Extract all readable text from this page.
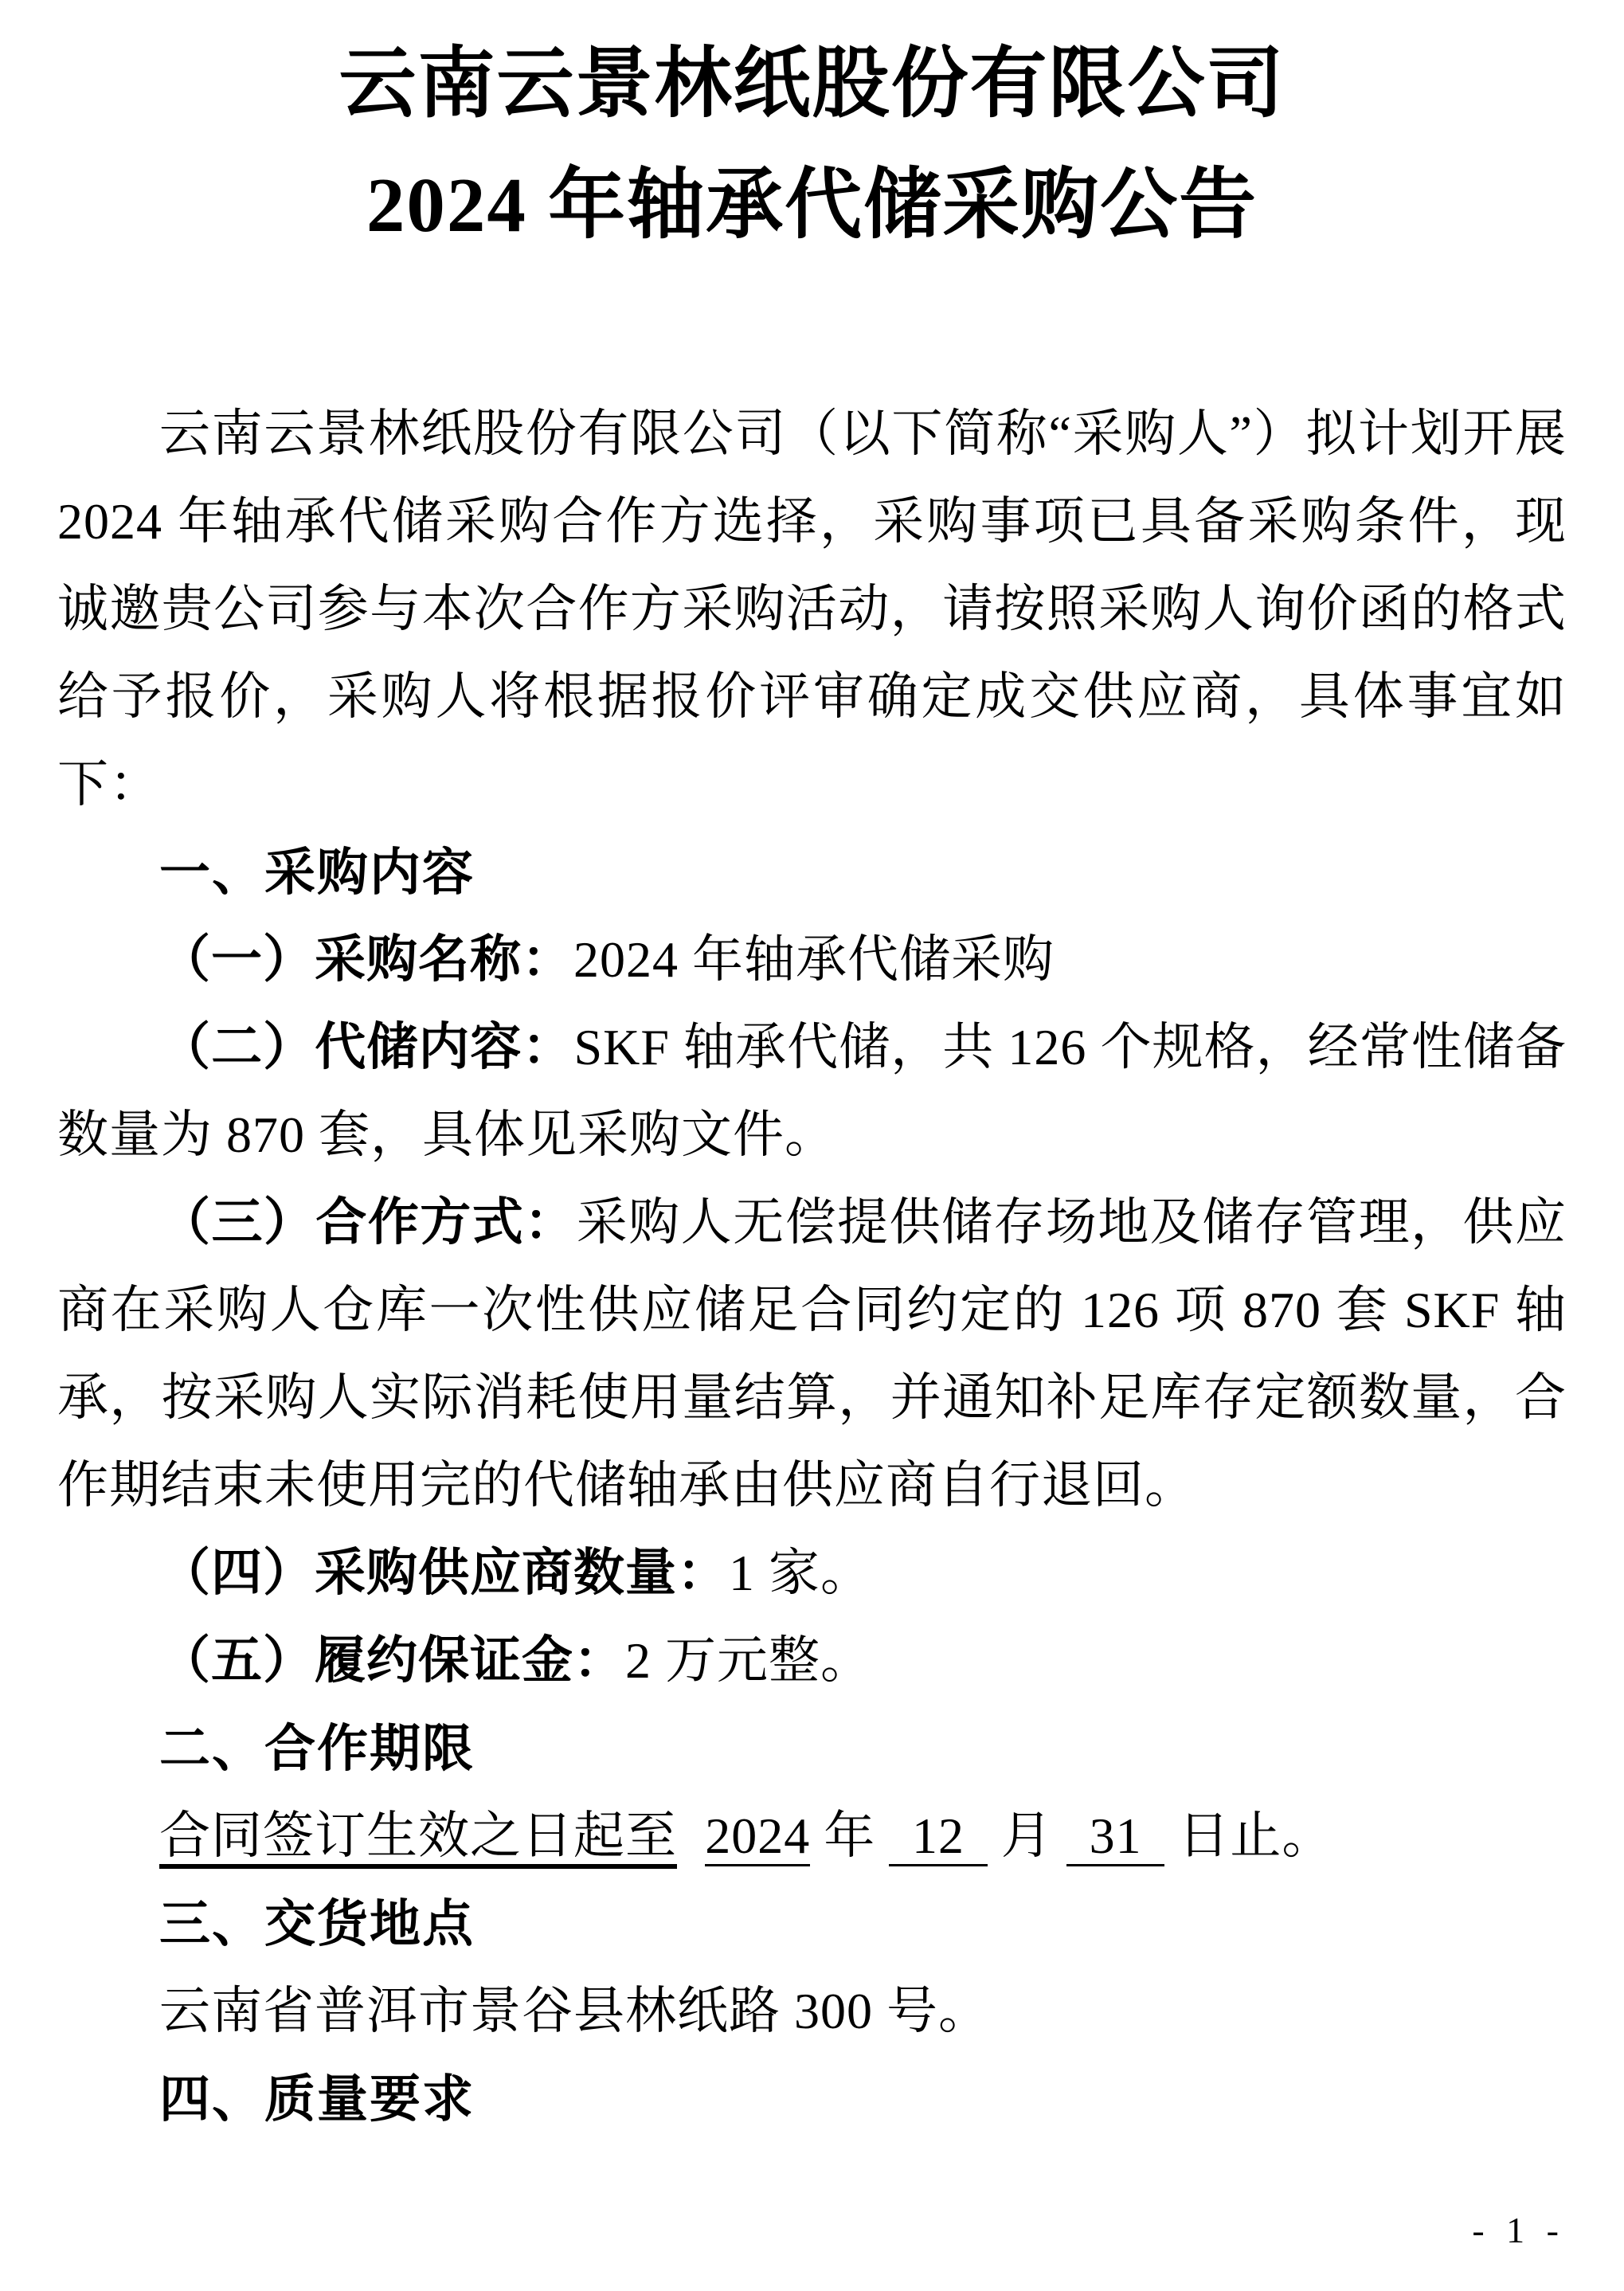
云南云景林纸股份有限公司
2024 年轴承代储采购公告

云南云景林纸股份有限公司（以下简称“采购人”）拟计划开展 2024 年轴承代储采购合作方选择，采购事项已具备采购条件，现诚邀贵公司参与本次合作方采购活动，请按照采购人询价函的格式给予报价，采购人将根据报价评审确定成交供应商，具体事宜如下：

一、采购内容

（一）采购名称：2024 年轴承代储采购

（二）代储内容：SKF 轴承代储，共 126 个规格，经常性储备数量为 870 套，具体见采购文件。

（三）合作方式：采购人无偿提供储存场地及储存管理，供应商在采购人仓库一次性供应储足合同约定的 126 项 870 套 SKF 轴承，按采购人实际消耗使用量结算，并通知补足库存定额数量，合作期结束未使用完的代储轴承由供应商自行退回。

（四）采购供应商数量：1 家。

（五）履约保证金：2 万元整。

二、合作期限

合同签订生效之日起至 2024 年 12 月 31 日止。

三、交货地点

云南省普洱市景谷县林纸路 300 号。

四、质量要求
- 1 -
